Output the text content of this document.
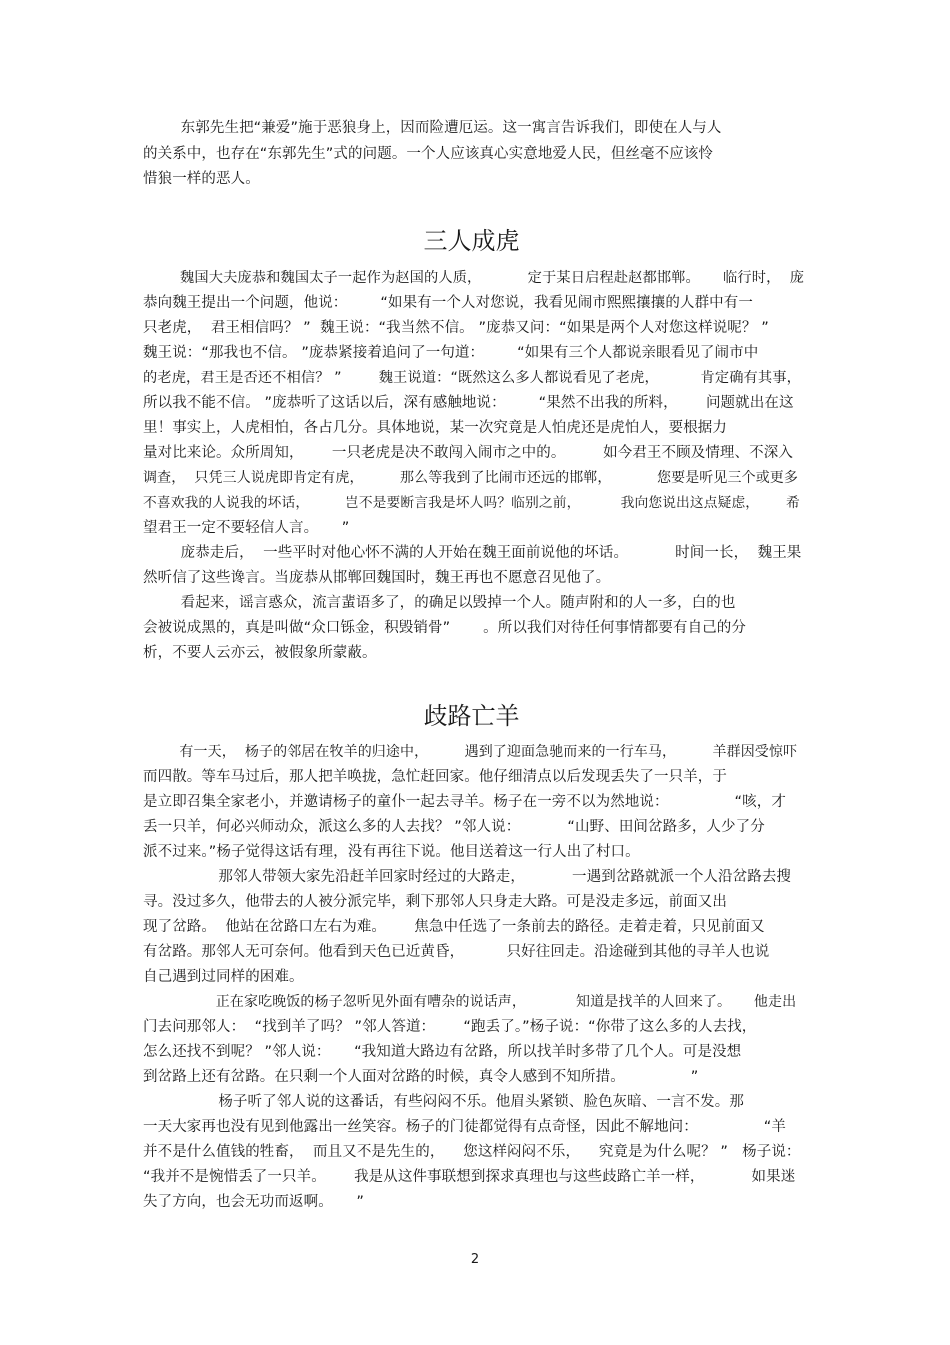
东郭先生把“兼爱”施于恶狼身上，因而险遭厄运。这一寓言告诉我们，即使在人与人

的关系中，也存在“东郭先生”式的问题。一个人应该真心实意地爱人民，但丝毫不应该怜

惜狼一样的恶人。

三人成虎

魏国大夫庞恭和魏国太子一起作为赵国的人质，          定于某日启程赴赵都邯郸。     临行时，  庞

恭向魏王提出一个问题，他说：       “如果有一个人对您说，我看见闹市熙熙攘攘的人群中有一

只老虎，  君王相信吗？ ”  魏王说：“我当然不信。 ”庞恭又问：“如果是两个人对您这样说呢？ ”

魏王说：“那我也不信。 ”庞恭紧接着追问了一句道：       “如果有三个人都说亲眼看见了闹市中

的老虎，君王是否还不相信？ ”        魏王说道：“既然这么多人都说看见了老虎，         肯定确有其事，

所以我不能不信。 ”庞恭听了这话以后，深有感触地说：       “果然不出我的所料，      问题就出在这

里！事实上，人虎相怕，各占几分。具体地说，某一次究竟是人怕虎还是虎怕人，要根据力

量对比来论。众所周知，      一只老虎是决不敢闯入闹市之中的。        如今君王不顾及情理、不深入

调查，  只凭三人说虎即肯定有虎，        那么等我到了比闹市还远的邯郸，          您要是听见三个或更多

不喜欢我的人说我的坏话，        岂不是要断言我是坏人吗？临别之前，         我向您说出这点疑虑，      希

望君王一定不要轻信人言。     ”

庞恭走后，  一些平时对他心怀不满的人开始在魏王面前说他的坏话。          时间一长，  魏王果

然听信了这些谗言。当庞恭从邯郸回魏国时，魏王再也不愿意召见他了。

看起来，谣言惑众，流言蜚语多了，的确足以毁掉一个人。随声附和的人一多，白的也

会被说成黑的，真是叫做“众口铄金，积毁销骨”       。所以我们对待任何事情都要有自己的分

析，不要人云亦云，被假象所蒙蔽。

歧路亡羊

有一天，  杨子的邻居在牧羊的归途中，        遇到了迎面急驰而来的一行车马，        羊群因受惊吓

而四散。等车马过后，那人把羊唤拢，急忙赶回家。他仔细清点以后发现丢失了一只羊，于

是立即召集全家老小，并邀请杨子的童仆一起去寻羊。杨子在一旁不以为然地说：              “咳，才

丢一只羊，何必兴师动众，派这么多的人去找？ ”邻人说：          “山野、田间岔路多，人少了分

派不过来。”杨子觉得这话有理，没有再往下说。他目送着这一行人出了村口。

那邻人带领大家先沿赶羊回家时经过的大路走，          一遇到岔路就派一个人沿岔路去搜

寻。没过多久，他带去的人被分派完毕，剩下那邻人只身走大路。可是没走多远，前面又出

现了岔路。  他站在岔路口左右为难。      焦急中任选了一条前去的路径。走着走着，只见前面又

有岔路。那邻人无可奈何。他看到天色已近黄昏，         只好往回走。沿途碰到其他的寻羊人也说

自己遇到过同样的困难。

正在家吃晚饭的杨子忽听见外面有嘈杂的说话声，           知道是找羊的人回来了。     他走出

门去问那邻人：  “找到羊了吗？ ”邻人答道：      “跑丢了。”杨子说：“你带了这么多的人去找，

怎么还找不到呢？ ”邻人说：     “我知道大路边有岔路，所以找羊时多带了几个人。可是没想

到岔路上还有岔路。在只剩一个人面对岔路的时候，真令人感到不知所措。              ”

杨子听了邻人说的这番话，有些闷闷不乐。他眉头紧锁、脸色灰暗、一言不发。那

一天大家再也没有见到他露出一丝笑容。杨子的门徒都觉得有点奇怪，因此不解地问：              “羊

并不是什么值钱的牲畜，  而且又不是先生的，    您这样闷闷不乐，    究竟是为什么呢？ ”   杨子说：

“我并不是惋惜丢了一只羊。      我是从这件事联想到探求真理也与这些歧路亡羊一样，          如果迷

失了方向，也会无功而返啊。     ”

2
